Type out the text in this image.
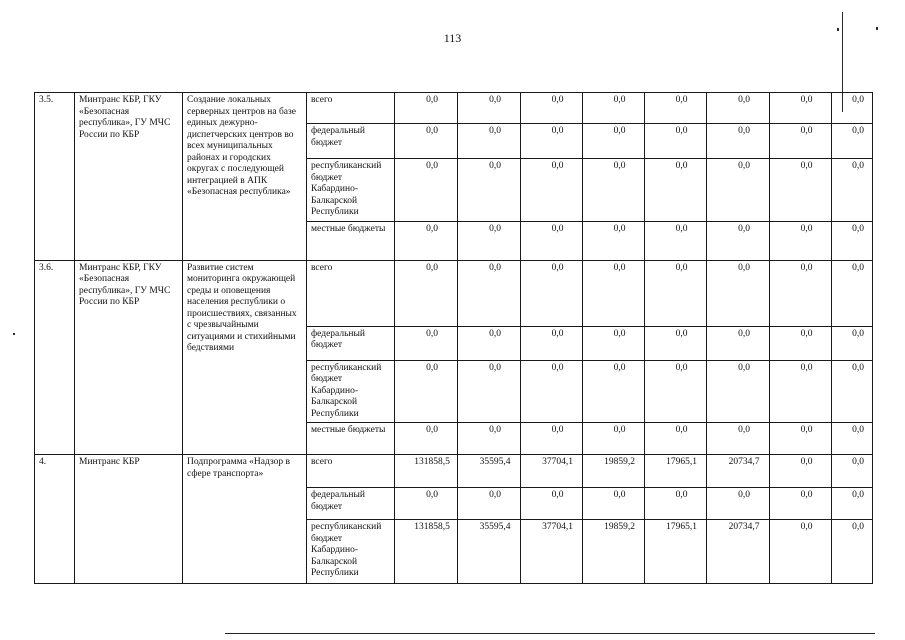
113
3.5.	Минтранс КБР, ГКУ «Безопасная республика», ГУ МЧС России по КБР	Создание локальных серверных центров на базе единых дежурно-диспетчерских центров во всех муниципальных районах и городских округах с последующей интеграцией в АПК «Безопасная республика»	всего	0,0	0,0	0,0	0,0	0,0	0,0	0,0	0,0
			федеральный бюджет	0,0	0,0	0,0	0,0	0,0	0,0	0,0	0,0
			республиканский бюджет Кабардино-Балкарской Республики	0,0	0,0	0,0	0,0	0,0	0,0	0,0	0,0
			местные бюджеты	0,0	0,0	0,0	0,0	0,0	0,0	0,0	0,0
3.6.	Минтранс КБР, ГКУ «Безопасная республика», ГУ МЧС России по КБР	Развитие систем мониторинга окружающей среды и оповещения населения республики о происшествиях, связанных с чрезвычайными ситуациями и стихийными бедствиями	всего	0,0	0,0	0,0	0,0	0,0	0,0	0,0	0,0
			федеральный бюджет	0,0	0,0	0,0	0,0	0,0	0,0	0,0	0,0
			республиканский бюджет Кабардино-Балкарской Республики	0,0	0,0	0,0	0,0	0,0	0,0	0,0	0,0
			местные бюджеты	0,0	0,0	0,0	0,0	0,0	0,0	0,0	0,0
4.	Минтранс КБР	Подпрограмма «Надзор в сфере транспорта»	всего	131858,5	35595,4	37704,1	19859,2	17965,1	20734,7	0,0	0,0
			федеральный бюджет	0,0	0,0	0,0	0,0	0,0	0,0	0,0	0,0
			республиканский бюджет Кабардино-Балкарской Республики	131858,5	35595,4	37704,1	19859,2	17965,1	20734,7	0,0	0,0
